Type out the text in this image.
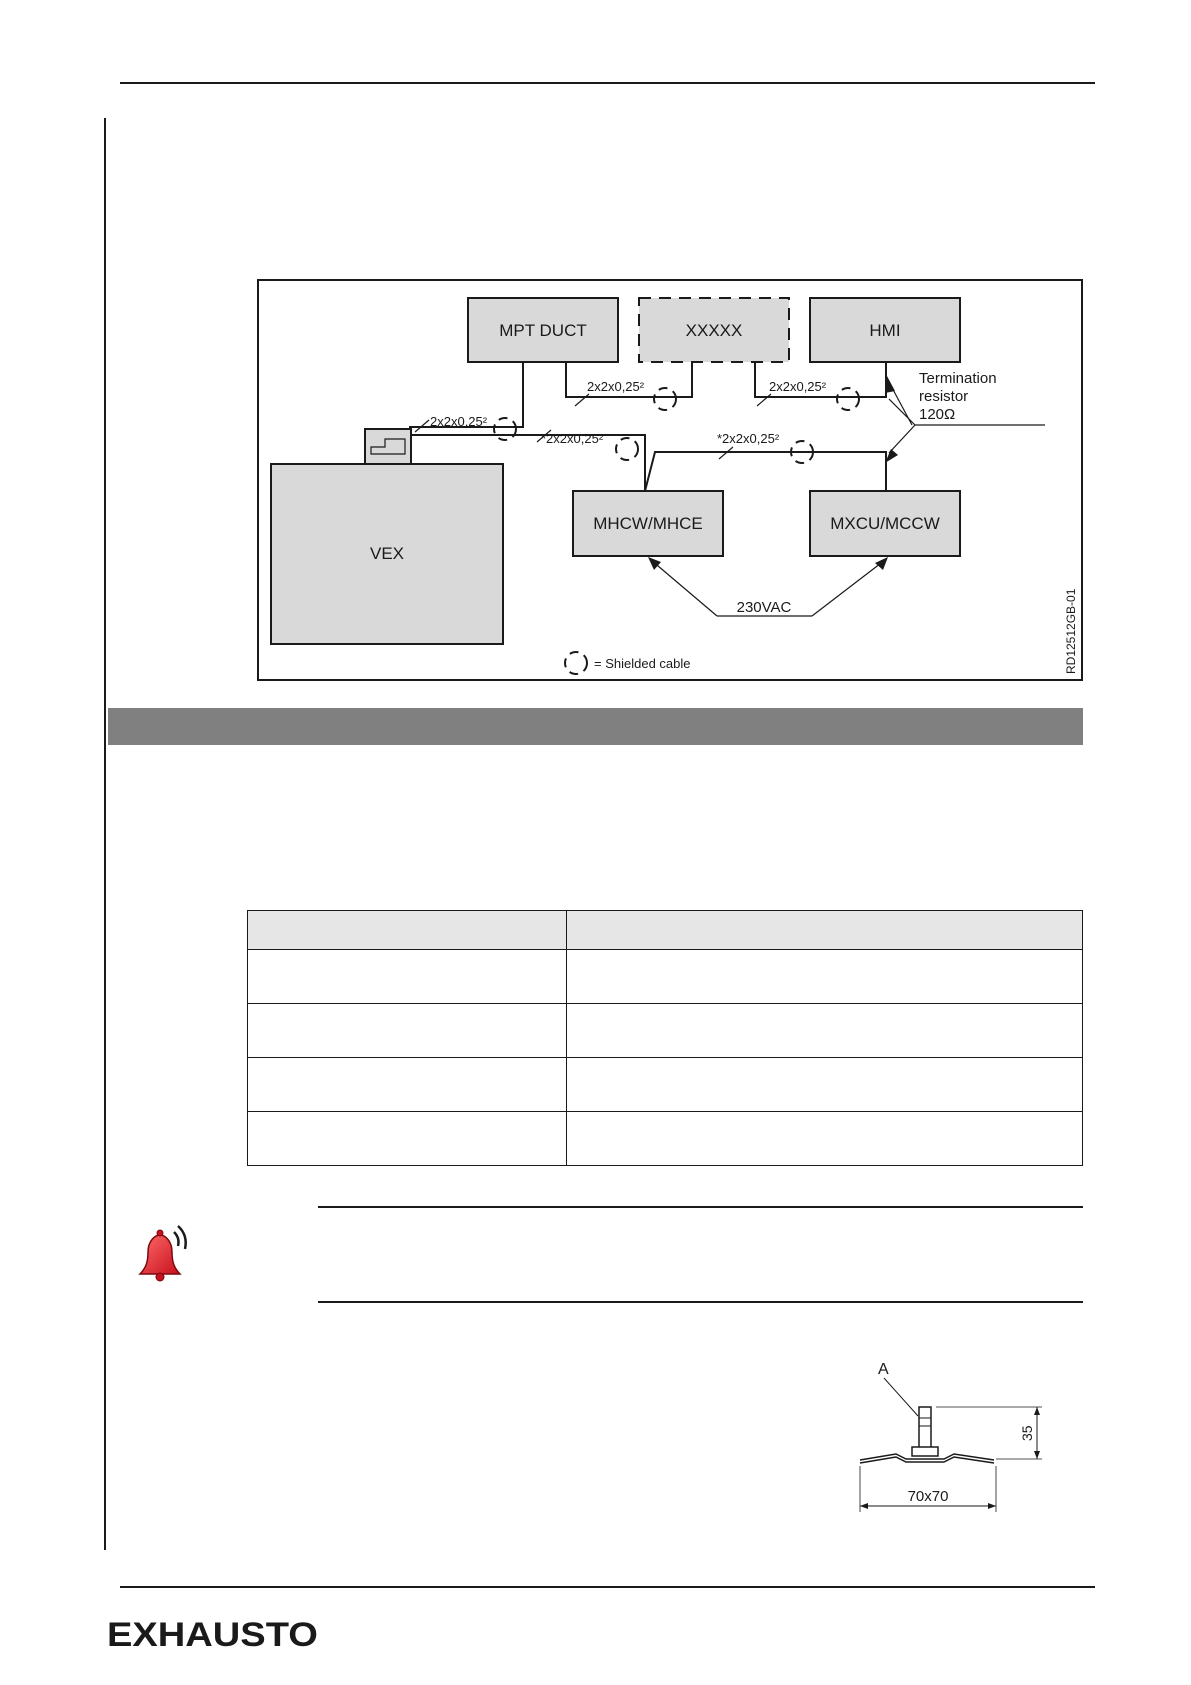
2x2x0,25²
2x2x0,25²	2x2x0,25²
*2x2x0,25²	*2x2x0,25²
MPT DUCT	XXXXX	HMI
VEX
MHCW/MHCE	MXCU/MCCW
Termination
resistor
120Ω
230VAC
= Shielded cable	RD12512GB-01

A
35
70x70
EXHAUSTO
